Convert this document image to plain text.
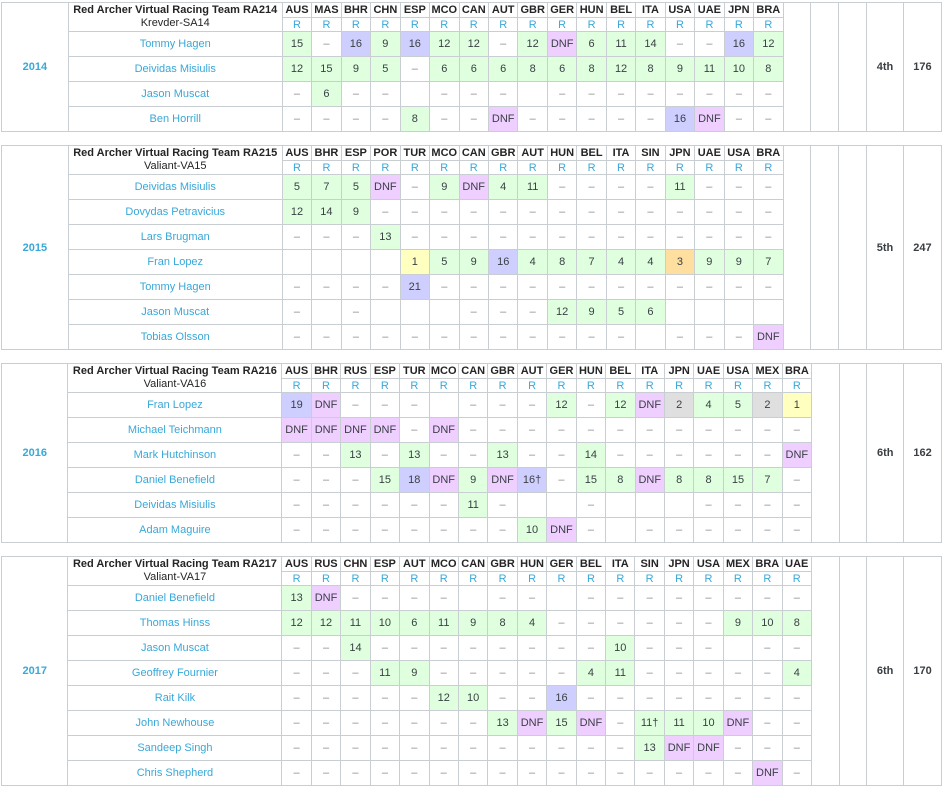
2014	Red Archer Virtual Racing Team RA214
Krevder-SA14	AUS	MAS	BHR	CHN	ESP	MCO	CAN	AUT	GBR	GER	HUN	BEL	ITA	USA	UAE	JPN	BRA				4th	176
		R	R	R	R	R	R	R	R	R	R	R	R	R	R	R	R	R					
	Tommy Hagen	15	–	16	9	16	12	12	–	12	DNF	6	11	14	–	–	16	12					
	Deividas Misiulis	12	15	9	5	–	6	6	6	8	6	8	12	8	9	11	10	8					
	Jason Muscat	–	6	–	–		–	–	–		–	–	–	–	–	–	–	–					
	Ben Horrill	–	–	–	–	8	–	–	DNF	–	–	–	–	–	16	DNF	–	–					
2015	Red Archer Virtual Racing Team RA215
Valiant-VA15	AUS	BHR	ESP	POR	TUR	MCO	CAN	GBR	AUT	HUN	BEL	ITA	SIN	JPN	UAE	USA	BRA				5th	247
		R	R	R	R	R	R	R	R	R	R	R	R	R	R	R	R	R					
	Deividas Misiulis	5	7	5	DNF	–	9	DNF	4	11	–	–	–	–	11	–	–	–					
	Dovydas Petravicius	12	14	9	–	–	–	–	–	–	–	–	–	–	–	–	–	–					
	Lars Brugman	–	–	–	13	–	–	–	–	–	–	–	–	–	–	–	–	–					
	Fran Lopez					1	5	9	16	4	8	7	4	4	3	9	9	7					
	Tommy Hagen	–	–	–	–	21	–	–	–	–	–	–	–	–	–	–	–	–					
	Jason Muscat	–		–				–	–	–	12	9	5	6									
	Tobias Olsson	–	–	–	–	–	–	–	–	–	–	–	–		–	–	–	DNF					
2016	Red Archer Virtual Racing Team RA216
Valiant-VA16	AUS	BHR	RUS	ESP	TUR	MCO	CAN	GBR	AUT	GER	HUN	BEL	ITA	JPN	UAE	USA	MEX	BRA			6th	162
		R	R	R	R	R	R	R	R	R	R	R	R	R	R	R	R	R	R				
	Fran Lopez	19	DNF	–	–	–		–	–	–	12	–	12	DNF	2	4	5	2	1				
	Michael Teichmann	DNF	DNF	DNF	DNF	–	DNF	–	–	–	–	–	–	–	–	–	–	–	–				
	Mark Hutchinson	–	–	13	–	13	–	–	13	–	–	14	–	–	–	–	–	–	DNF				
	Daniel Benefield	–	–	–	15	18	DNF	9	DNF	16†	–	15	8	DNF	8	8	15	7	–				
	Deividas Misiulis	–	–	–	–	–	–	11	–			–				–	–	–	–				
	Adam Maguire	–	–	–	–	–	–	–	–	10	DNF	–		–	–	–	–	–	–				
2017	Red Archer Virtual Racing Team RA217
Valiant-VA17	AUS	RUS	CHN	ESP	AUT	MCO	CAN	GBR	HUN	GER	BEL	ITA	SIN	JPN	USA	MEX	BRA	UAE			6th	170
		R	R	R	R	R	R	R	R	R	R	R	R	R	R	R	R	R	R				
	Daniel Benefield	13	DNF	–	–	–	–		–	–		–	–	–	–	–	–	–	–				
	Thomas Hinss	12	12	11	10	6	11	9	8	4	–	–	–	–	–	–	9	10	8				
	Jason Muscat	–	–	14	–	–	–	–	–	–	–	–	10	–	–	–		–	–				
	Geoffrey Fournier	–	–	–	11	9	–	–	–	–	–	4	11	–	–	–	–	–	4				
	Rait Kilk	–	–	–	–	–	12	10	–	–	16	–	–	–	–	–	–	–	–				
	John Newhouse	–	–	–	–	–	–	–	13	DNF	15	DNF	–	11†	11	10	DNF	–	–				
	Sandeep Singh	–	–	–	–	–	–	–	–	–	–	–	–	13	DNF	DNF	–	–	–				
	Chris Shepherd	–	–	–	–	–	–	–	–	–	–	–	–	–	–	–	–	DNF	–				
